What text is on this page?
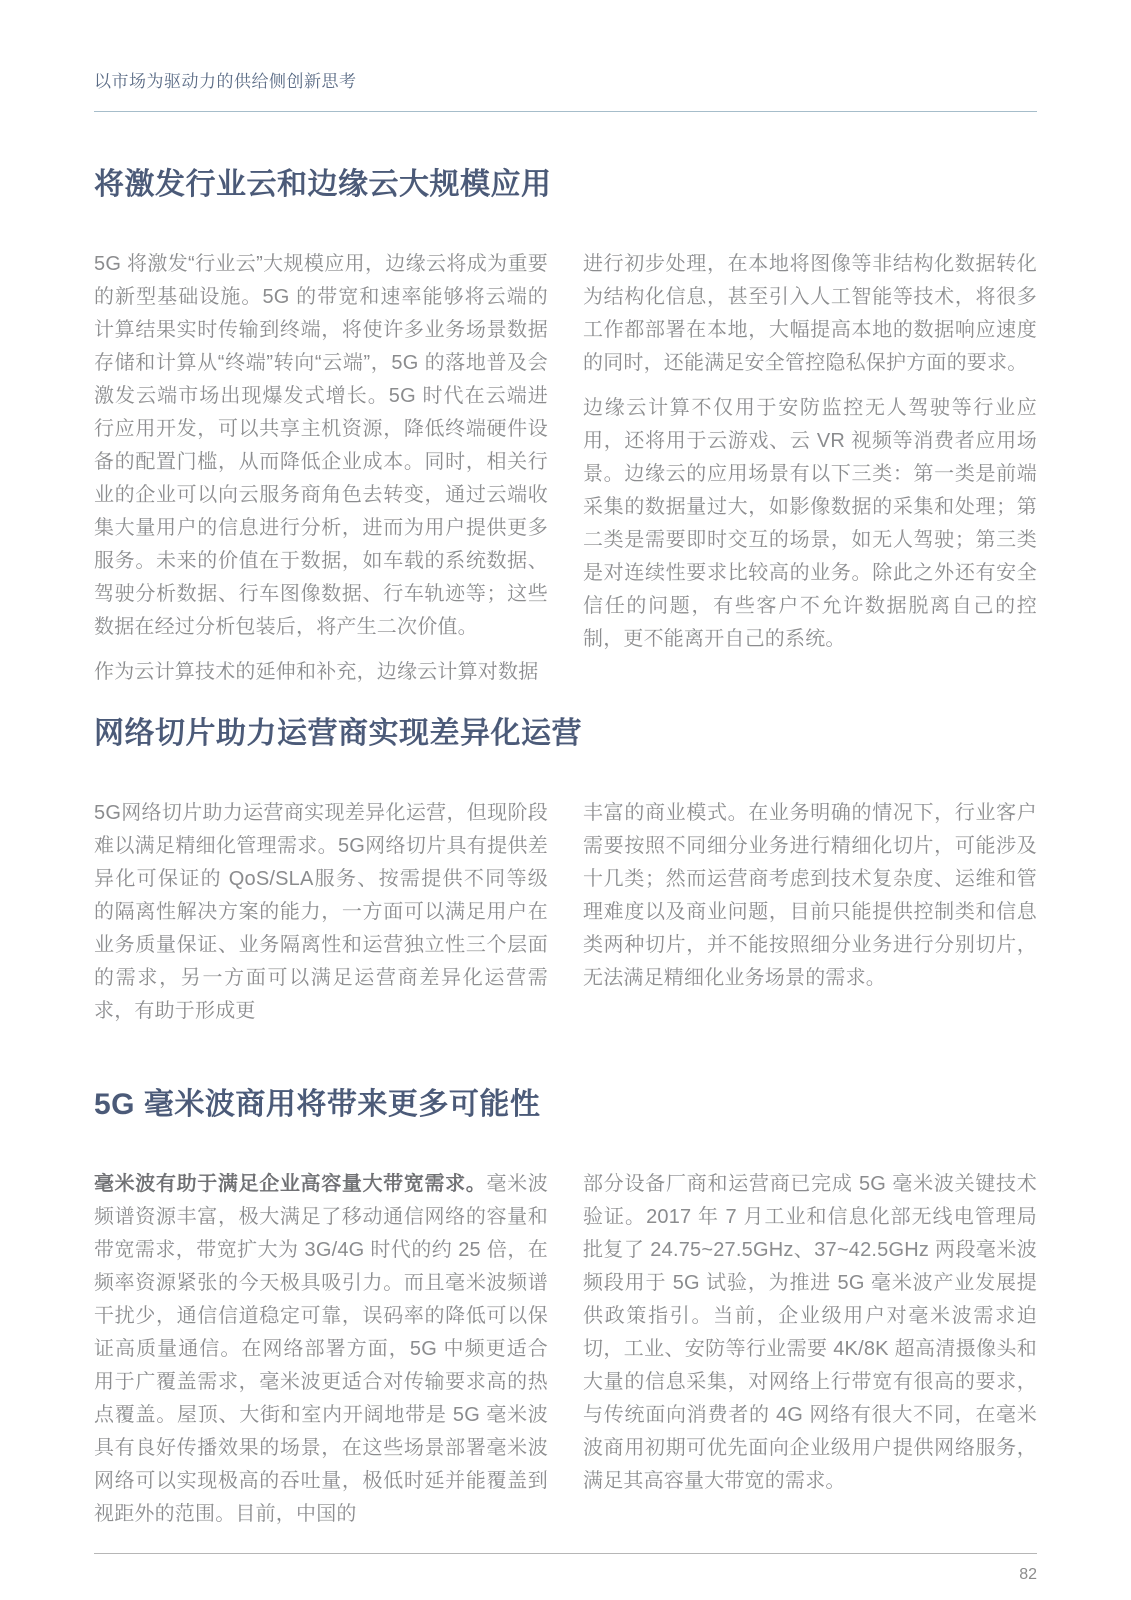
以市场为驱动力的供给侧创新思考
将激发行业云和边缘云大规模应用

5G 将激发“行业云”大规模应用，边缘云将成为重要的新型基础设施。5G 的带宽和速率能够将云端的计算结果实时传输到终端，将使许多业务场景数据存储和计算从“终端”转向“云端”，5G 的落地普及会激发云端市场出现爆发式增长。5G 时代在云端进行应用开发，可以共享主机资源，降低终端硬件设备的配置门槛，从而降低企业成本。同时，相关行业的企业可以向云服务商角色去转变，通过云端收集大量用户的信息进行分析，进而为用户提供更多服务。未来的价值在于数据，如车载的系统数据、驾驶分析数据、行车图像数据、行车轨迹等；这些数据在经过分析包装后，将产生二次价值。

作为云计算技术的延伸和补充，边缘云计算对数据

进行初步处理，在本地将图像等非结构化数据转化为结构化信息，甚至引入人工智能等技术，将很多工作都部署在本地，大幅提高本地的数据响应速度的同时，还能满足安全管控隐私保护方面的要求。

边缘云计算不仅用于安防监控无人驾驶等行业应用，还将用于云游戏、云 VR 视频等消费者应用场景。边缘云的应用场景有以下三类：第一类是前端采集的数据量过大，如影像数据的采集和处理；第二类是需要即时交互的场景，如无人驾驶；第三类是对连续性要求比较高的业务。除此之外还有安全信任的问题，有些客户不允许数据脱离自己的控制，更不能离开自己的系统。

网络切片助力运营商实现差异化运营

5G网络切片助力运营商实现差异化运营，但现阶段难以满足精细化管理需求。5G网络切片具有提供差异化可保证的 QoS/SLA服务、按需提供不同等级的隔离性解决方案的能力，一方面可以满足用户在业务质量保证、业务隔离性和运营独立性三个层面的需求，另一方面可以满足运营商差异化运营需求，有助于形成更

丰富的商业模式。在业务明确的情况下，行业客户需要按照不同细分业务进行精细化切片，可能涉及十几类；然而运营商考虑到技术复杂度、运维和管理难度以及商业问题，目前只能提供控制类和信息类两种切片，并不能按照细分业务进行分别切片，无法满足精细化业务场景的需求。

5G 毫米波商用将带来更多可能性

毫米波有助于满足企业高容量大带宽需求。毫米波频谱资源丰富，极大满足了移动通信网络的容量和带宽需求，带宽扩大为 3G/4G 时代的约 25 倍，在频率资源紧张的今天极具吸引力。而且毫米波频谱干扰少，通信信道稳定可靠，误码率的降低可以保证高质量通信。在网络部署方面，5G 中频更适合用于广覆盖需求，毫米波更适合对传输要求高的热点覆盖。屋顶、大街和室内开阔地带是 5G 毫米波具有良好传播效果的场景，在这些场景部署毫米波网络可以实现极高的吞吐量，极低时延并能覆盖到视距外的范围。目前，中国的

部分设备厂商和运营商已完成 5G 毫米波关键技术验证。2017 年 7 月工业和信息化部无线电管理局批复了 24.75~27.5GHz、37~42.5GHz 两段毫米波频段用于 5G 试验，为推进 5G 毫米波产业发展提供政策指引。当前，企业级用户对毫米波需求迫切，工业、安防等行业需要 4K/8K 超高清摄像头和大量的信息采集，对网络上行带宽有很高的要求，与传统面向消费者的 4G 网络有很大不同，在毫米波商用初期可优先面向企业级用户提供网络服务，满足其高容量大带宽的需求。

82
